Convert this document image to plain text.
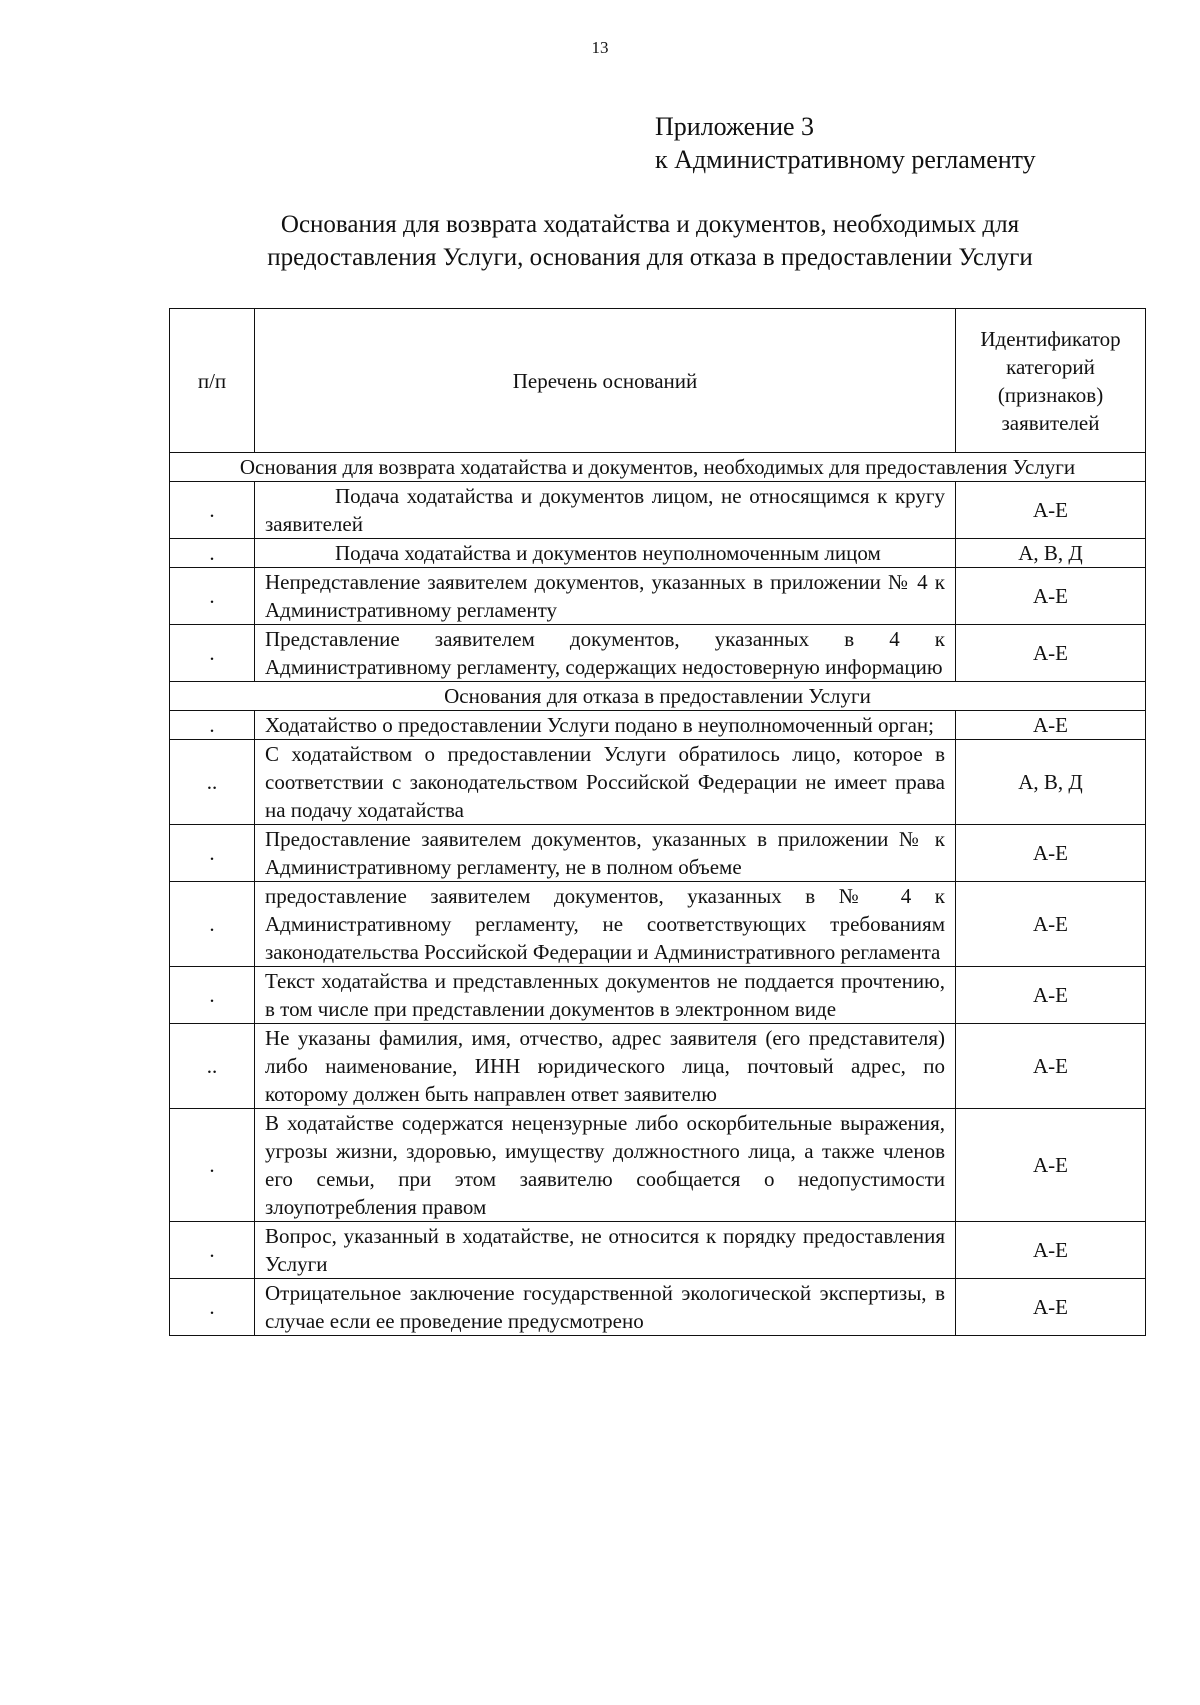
13
Приложение 3
к Административному регламенту
Основания для возврата ходатайства и документов, необходимых для
предоставления Услуги, основания для отказа в предоставлении Услуги
п/п	Перечень оснований	Идентификатор категорий (признаков) заявителей
Основания для возврата ходатайства и документов, необходимых для предоставления Услуги		
.	Подача ходатайства и документов лицом, не относящимся к кругу заявителей	А-Е
.	Подача ходатайства и документов неуполномоченным лицом	А, В, Д
.	Непредставление заявителем документов, указанных в приложении № 4 к Административному регламенту	А-Е
.	Представление заявителем документов, указанных в 4 к Административному регламенту, содержащих недостоверную информацию	А-Е
Основания для отказа в предоставлении Услуги		
.	Ходатайство о предоставлении Услуги подано в неуполномоченный орган;	А-Е
..	С ходатайством о предоставлении Услуги обратилось лицо, которое в соответствии с законодательством Российской Федерации не имеет права на подачу ходатайства	А, В, Д
.	Предоставление заявителем документов, указанных в приложении № к Административному регламенту, не в полном объеме	А-Е
.	предоставление заявителем документов, указанных в № 4 к Административному регламенту, не соответствующих требованиям законодательства Российской Федерации и Административного регламента	А-Е
.	Текст ходатайства и представленных документов не поддается прочтению, в том числе при представлении документов в электронном виде	А-Е
..	Не указаны фамилия, имя, отчество, адрес заявителя (его представителя) либо наименование, ИНН юридического лица, почтовый адрес, по которому должен быть направлен ответ заявителю	А-Е
.	В ходатайстве содержатся нецензурные либо оскорбительные выражения, угрозы жизни, здоровью, имуществу должностного лица, а также членов его семьи, при этом заявителю сообщается о недопустимости злоупотребления правом	А-Е
.	Вопрос, указанный в ходатайстве, не относится к порядку предоставления Услуги	А-Е
.	Отрицательное заключение государственной экологической экспертизы, в случае если ее проведение предусмотрено	А-Е
